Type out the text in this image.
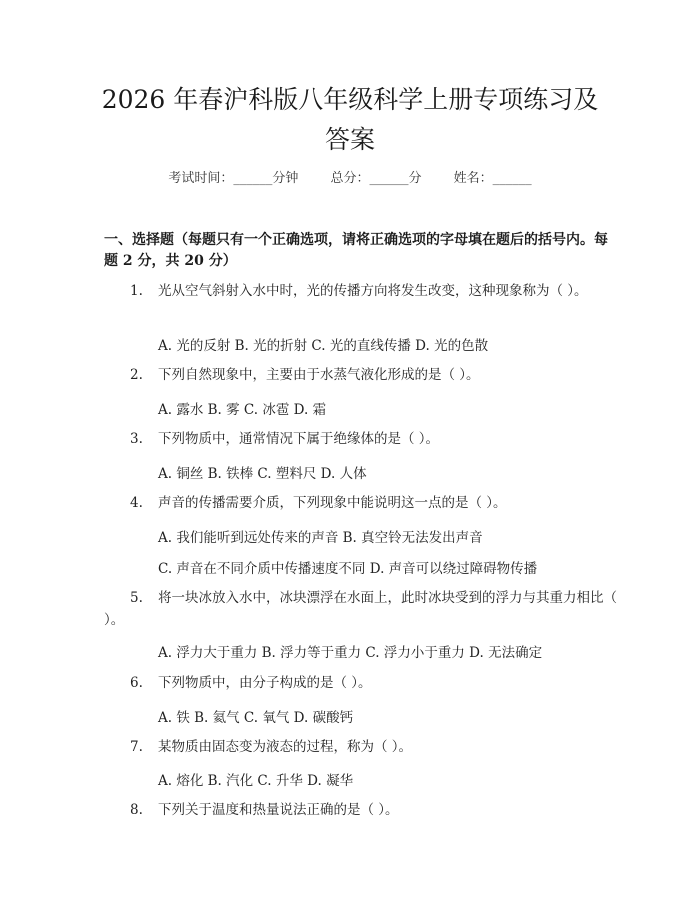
2026 年春沪科版八年级科学上册专项练习及
答案
考试时间：______分钟 总分：______分 姓名：______
一、选择题（每题只有一个正确选项，请将正确选项的字母填在题后的括号内。每题 2 分，共 20 分）
1. 光从空气斜射入水中时，光的传播方向将发生改变，这种现象称为（ ）。
A. 光的反射 B. 光的折射 C. 光的直线传播 D. 光的色散
2. 下列自然现象中，主要由于水蒸气液化形成的是（ ）。
A. 露水 B. 雾 C. 冰雹 D. 霜
3. 下列物质中，通常情况下属于绝缘体的是（ ）。
A. 铜丝 B. 铁棒 C. 塑料尺 D. 人体
4. 声音的传播需要介质，下列现象中能说明这一点的是（ ）。
A. 我们能听到远处传来的声音 B. 真空铃无法发出声音
C. 声音在不同介质中传播速度不同 D. 声音可以绕过障碍物传播
5. 将一块冰放入水中，冰块漂浮在水面上，此时冰块受到的浮力与其重力相比（ ）。
A. 浮力大于重力 B. 浮力等于重力 C. 浮力小于重力 D. 无法确定
6. 下列物质中，由分子构成的是（ ）。
A. 铁 B. 氦气 C. 氧气 D. 碳酸钙
7. 某物质由固态变为液态的过程，称为（ ）。
A. 熔化 B. 汽化 C. 升华 D. 凝华
8. 下列关于温度和热量说法正确的是（ ）。
